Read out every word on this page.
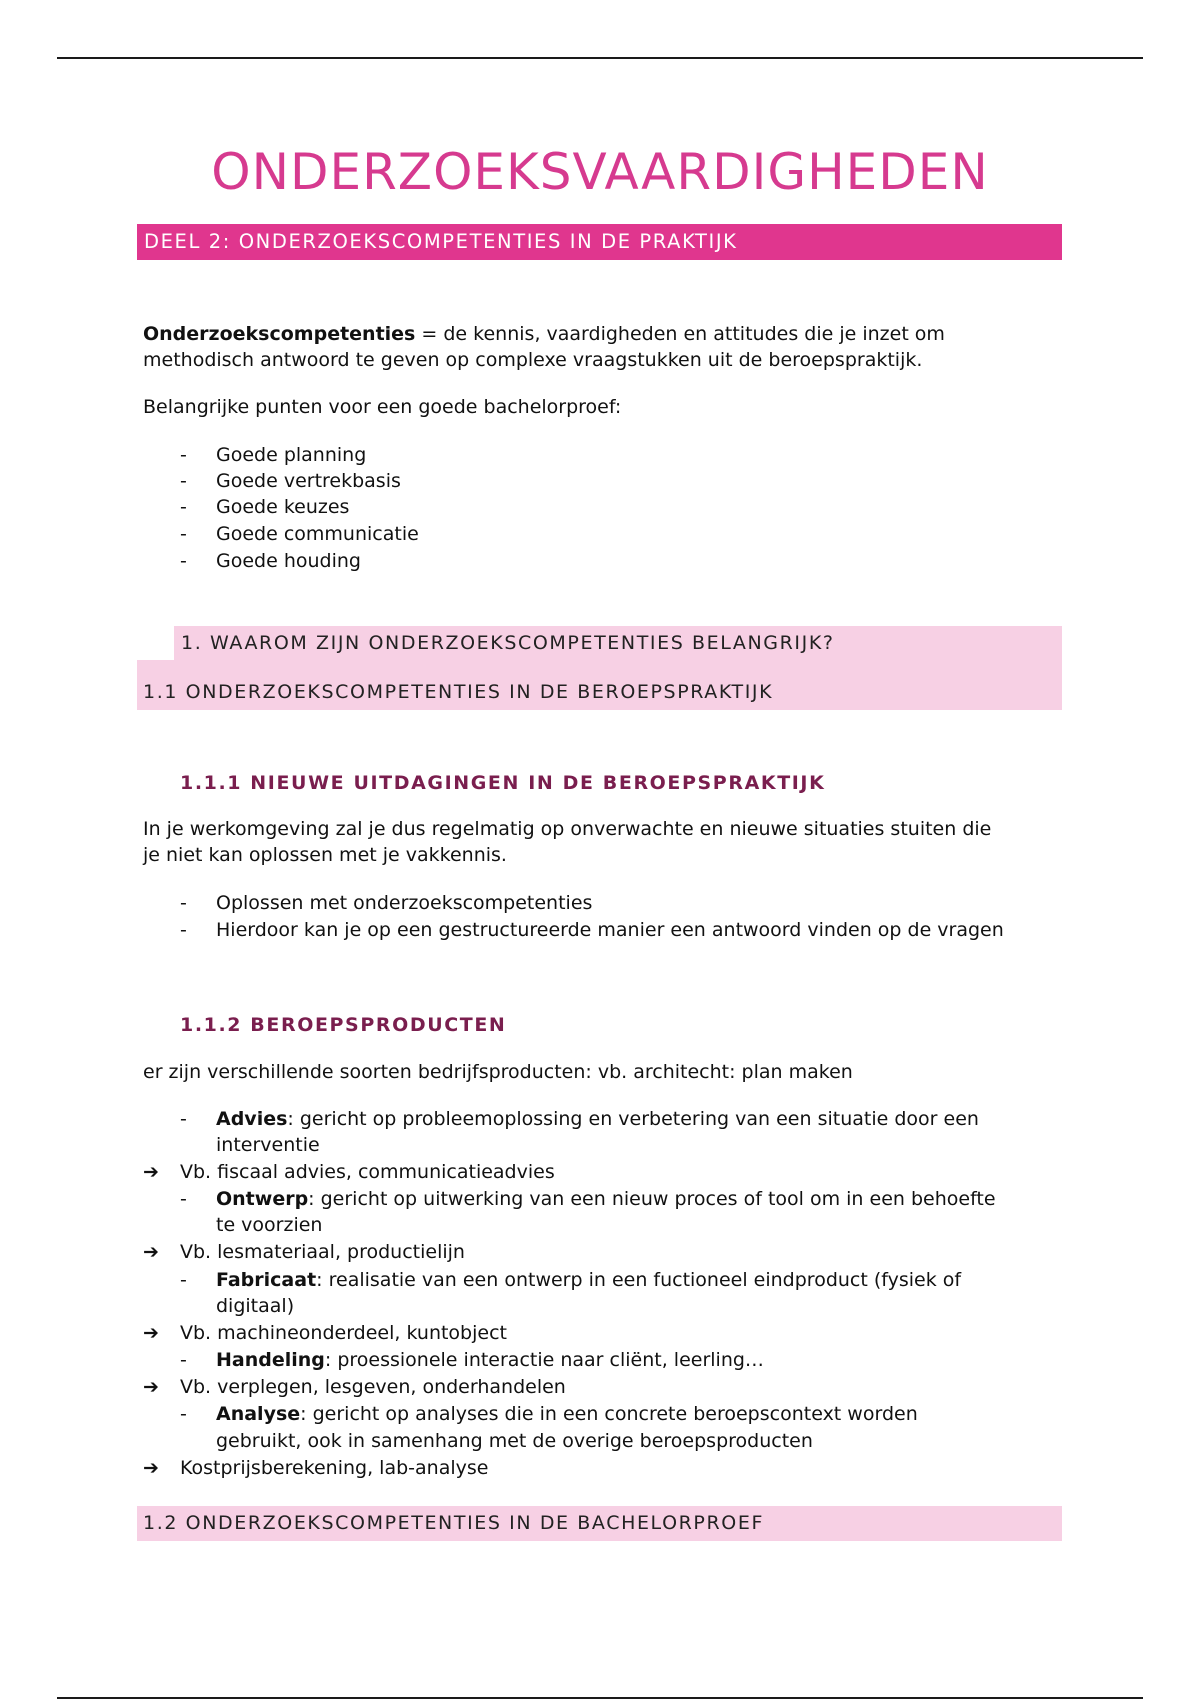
ONDERZOEKSVAARDIGHEDEN
DEEL 2: ONDERZOEKSCOMPETENTIES IN DE PRAKTIJK
Onderzoekscompetenties = de kennis, vaardigheden en attitudes die je inzet om
methodisch antwoord te geven op complexe vraagstukken uit de beroepspraktijk.
Belangrijke punten voor een goede bachelorproef:
- Goede planning
- Goede vertrekbasis
- Goede keuzes
- Goede communicatie
- Goede houding
1. WAAROM ZIJN ONDERZOEKSCOMPETENTIES BELANGRIJK?
1.1 ONDERZOEKSCOMPETENTIES IN DE BEROEPSPRAKTIJK
1.1.1 NIEUWE UITDAGINGEN IN DE BEROEPSPRAKTIJK
In je werkomgeving zal je dus regelmatig op onverwachte en nieuwe situaties stuiten die
je niet kan oplossen met je vakkennis.
- Oplossen met onderzoekscompetenties
- Hierdoor kan je op een gestructureerde manier een antwoord vinden op de vragen
1.1.2 BEROEPSPRODUCTEN
er zijn verschillende soorten bedrijfsproducten: vb. architecht: plan maken
- Advies: gericht op probleemoplossing en verbetering van een situatie door een
interventie
➔ Vb. fiscaal advies, communicatieadvies
- Ontwerp: gericht op uitwerking van een nieuw proces of tool om in een behoefte
te voorzien
➔ Vb. lesmateriaal, productielijn
- Fabricaat: realisatie van een ontwerp in een fuctioneel eindproduct (fysiek of
digitaal)
➔ Vb. machineonderdeel, kuntobject
- Handeling: proessionele interactie naar cliënt, leerling…
➔ Vb. verplegen, lesgeven, onderhandelen
- Analyse: gericht op analyses die in een concrete beroepscontext worden
gebruikt, ook in samenhang met de overige beroepsproducten
➔ Kostprijsberekening, lab-analyse
1.2 ONDERZOEKSCOMPETENTIES IN DE BACHELORPROEF
